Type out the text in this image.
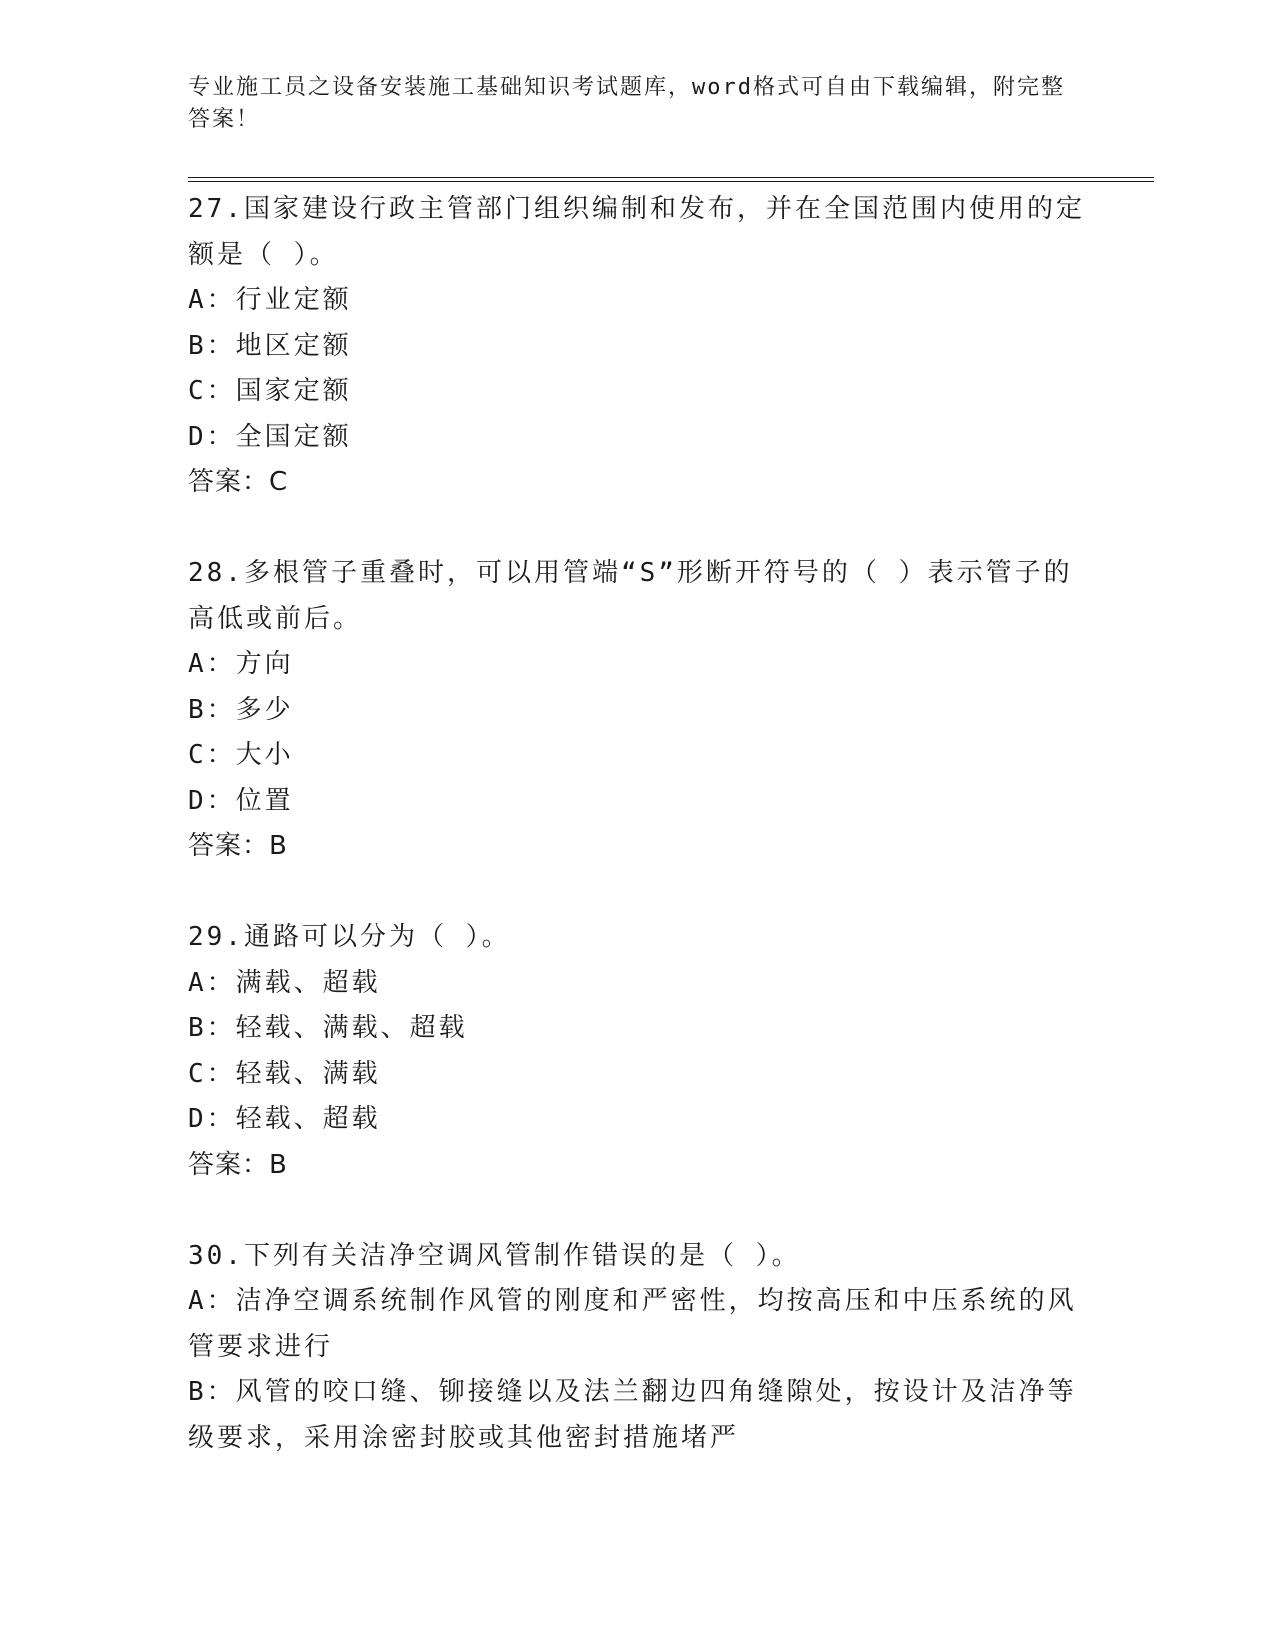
专业施工员之设备安装施工基础知识考试题库，word格式可自由下载编辑，附完整答案！

27.国家建设行政主管部门组织编制和发布，并在全国范围内使用的定额是（ ）。

A：行业定额

B：地区定额

C：国家定额

D：全国定额

答案：C

28.多根管子重叠时，可以用管端“S”形断开符号的（ ）表示管子的高低或前后。

A：方向

B：多少

C：大小

D：位置

答案：B

29.通路可以分为（ ）。

A：满载、超载

B：轻载、满载、超载

C：轻载、满载

D：轻载、超载

答案：B

30.下列有关洁净空调风管制作错误的是（ ）。

A：洁净空调系统制作风管的刚度和严密性，均按高压和中压系统的风管要求进行

B：风管的咬口缝、铆接缝以及法兰翻边四角缝隙处，按设计及洁净等级要求，采用涂密封胶或其他密封措施堵严
